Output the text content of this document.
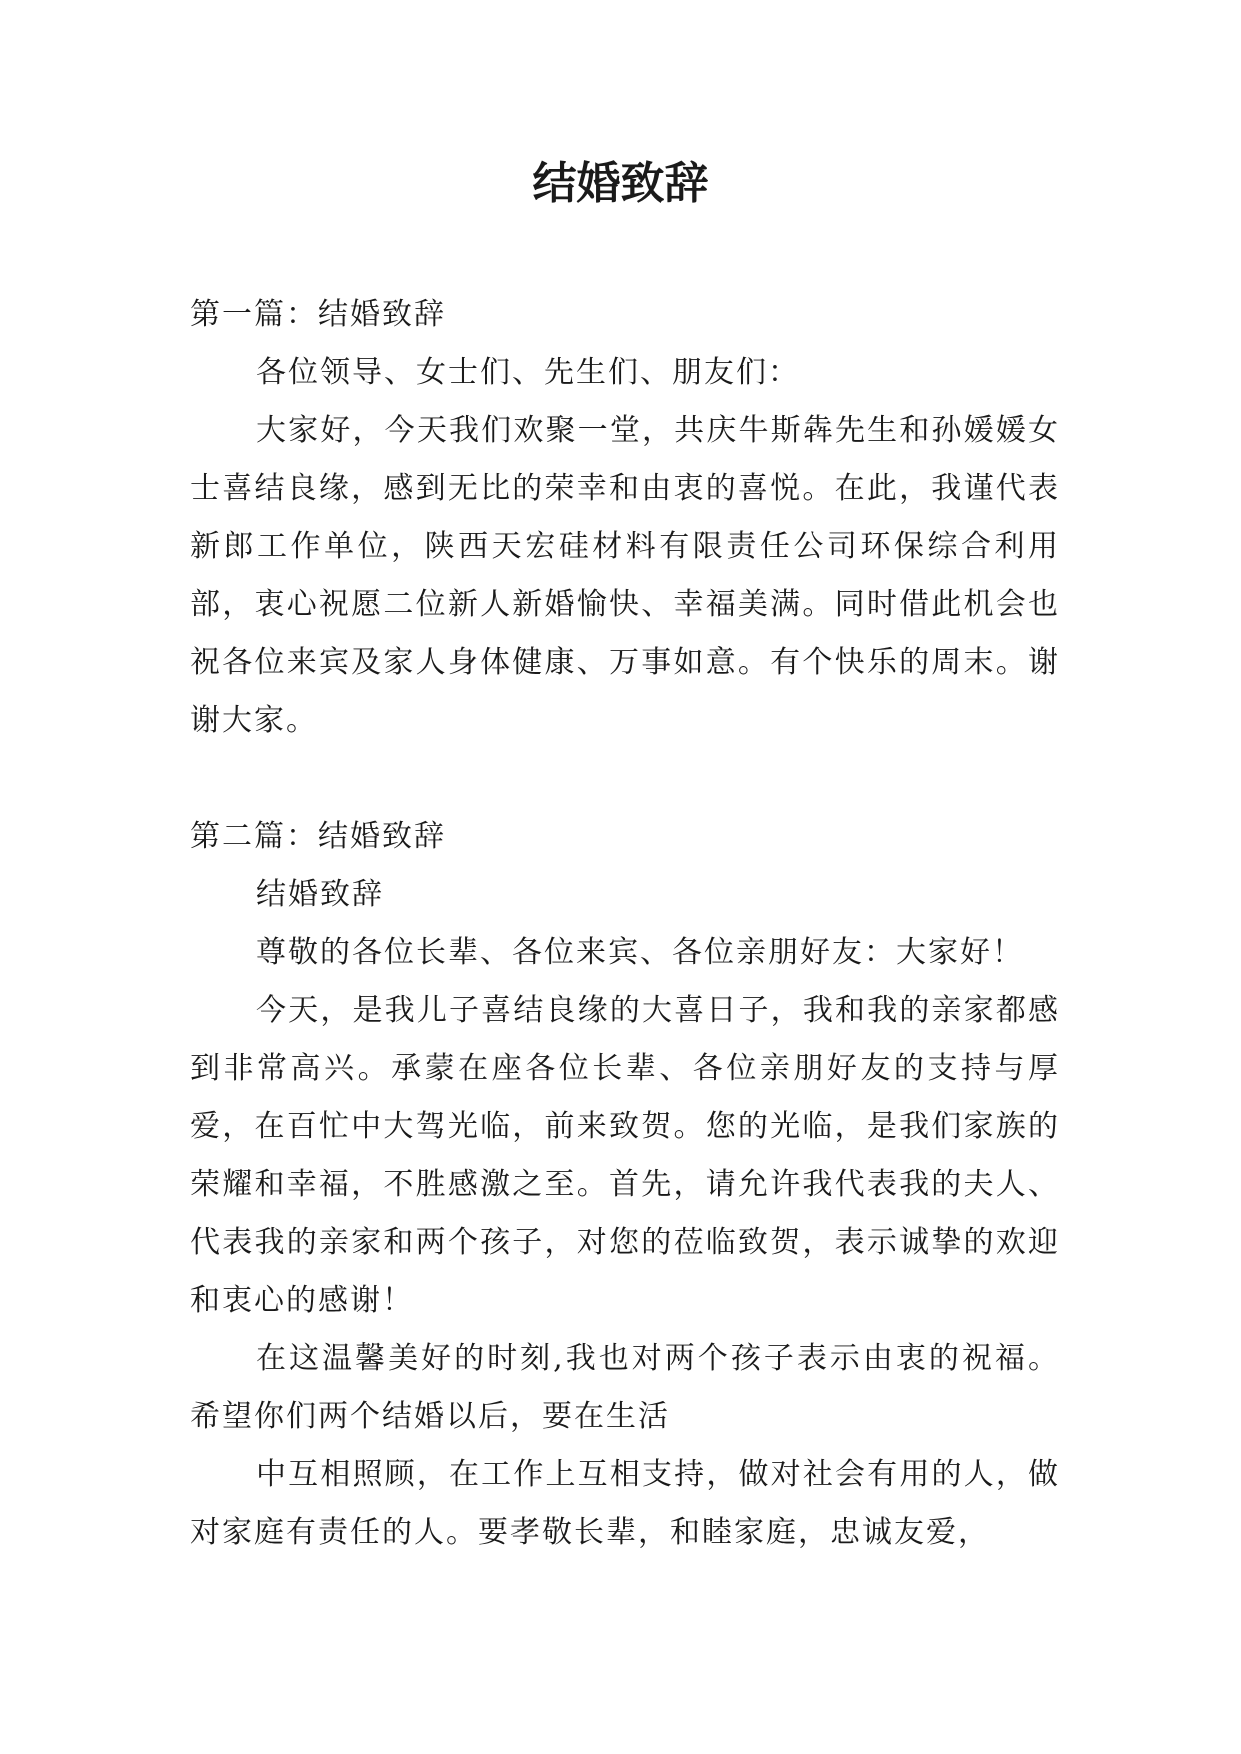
结婚致辞
第一篇：结婚致辞

各位领导、女士们、先生们、朋友们：

大家好，今天我们欢聚一堂，共庆牛斯犇先生和孙媛媛女士喜结良缘，感到无比的荣幸和由衷的喜悦。在此，我谨代表新郎工作单位，陕西天宏硅材料有限责任公司环保综合利用部，衷心祝愿二位新人新婚愉快、幸福美满。同时借此机会也祝各位来宾及家人身体健康、万事如意。有个快乐的周末。谢谢大家。

第二篇：结婚致辞

结婚致辞

尊敬的各位长辈、各位来宾、各位亲朋好友：大家好！

今天，是我儿子喜结良缘的大喜日子，我和我的亲家都感到非常高兴。承蒙在座各位长辈、各位亲朋好友的支持与厚爱，在百忙中大驾光临，前来致贺。您的光临，是我们家族的荣耀和幸福，不胜感激之至。首先，请允许我代表我的夫人、代表我的亲家和两个孩子，对您的莅临致贺，表示诚挚的欢迎和衷心的感谢！

在这温馨美好的时刻,我也对两个孩子表示由衷的祝福。希望你们两个结婚以后，要在生活

中互相照顾，在工作上互相支持，做对社会有用的人，做对家庭有责任的人。要孝敬长辈，和睦家庭，忠诚友爱，
